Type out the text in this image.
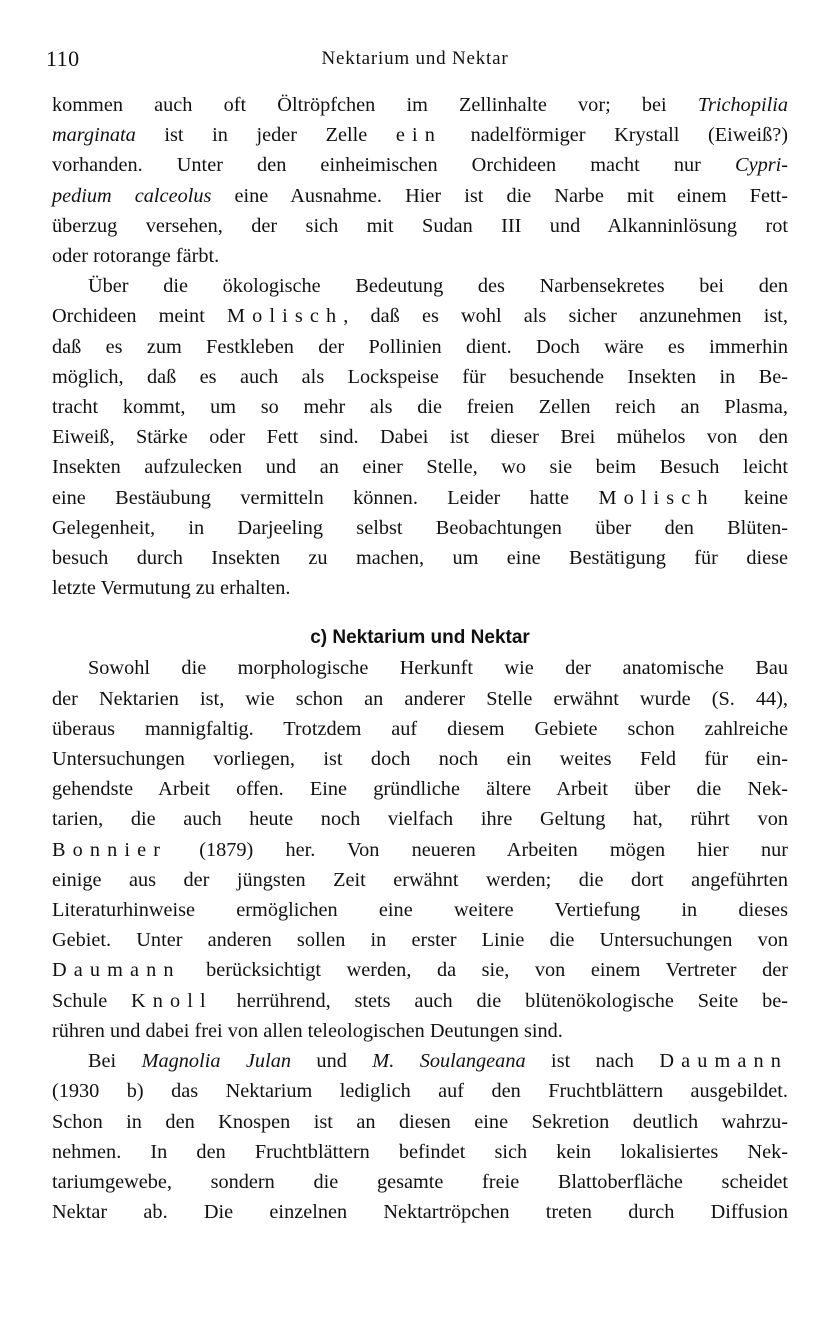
110	Nektarium und Nektar

kommen auch oft Öltröpfchen im Zellinhalte vor; bei Trichopilia
marginata ist in jeder Zelle ein nadelförmiger Krystall (Eiweiß?)
vorhanden. Unter den einheimischen Orchideen macht nur Cypri-
pedium calceolus eine Ausnahme. Hier ist die Narbe mit einem Fett-
überzug versehen, der sich mit Sudan III und Alkanninlösung rot
oder rotorange färbt.

Über die ökologische Bedeutung des Narbensekretes bei den
Orchideen meint Molisch, daß es wohl als sicher anzunehmen ist,
daß es zum Festkleben der Pollinien dient. Doch wäre es immerhin
möglich, daß es auch als Lockspeise für besuchende Insekten in Be-
tracht kommt, um so mehr als die freien Zellen reich an Plasma,
Eiweiß, Stärke oder Fett sind. Dabei ist dieser Brei mühelos von den
Insekten aufzulecken und an einer Stelle, wo sie beim Besuch leicht
eine Bestäubung vermitteln können. Leider hatte Molisch keine
Gelegenheit, in Darjeeling selbst Beobachtungen über den Blüten-
besuch durch Insekten zu machen, um eine Bestätigung für diese
letzte Vermutung zu erhalten.

c) Nektarium und Nektar

Sowohl die morphologische Herkunft wie der anatomische Bau
der Nektarien ist, wie schon an anderer Stelle erwähnt wurde (S. 44),
überaus mannigfaltig. Trotzdem auf diesem Gebiete schon zahlreiche
Untersuchungen vorliegen, ist doch noch ein weites Feld für ein-
gehendste Arbeit offen. Eine gründliche ältere Arbeit über die Nek-
tarien, die auch heute noch vielfach ihre Geltung hat, rührt von
Bonnier (1879) her. Von neueren Arbeiten mögen hier nur
einige aus der jüngsten Zeit erwähnt werden; die dort angeführten
Literaturhinweise ermöglichen eine weitere Vertiefung in dieses
Gebiet. Unter anderen sollen in erster Linie die Untersuchungen von
Daumann berücksichtigt werden, da sie, von einem Vertreter der
Schule Knoll herrührend, stets auch die blütenökologische Seite be-
rühren und dabei frei von allen teleologischen Deutungen sind.

Bei Magnolia Julan und M. Soulangeana ist nach Daumann
(1930 b) das Nektarium lediglich auf den Fruchtblättern ausgebildet.
Schon in den Knospen ist an diesen eine Sekretion deutlich wahrzu-
nehmen. In den Fruchtblättern befindet sich kein lokalisiertes Nek-
tariumgewebe, sondern die gesamte freie Blattoberfläche scheidet
Nektar ab. Die einzelnen Nektartröpchen treten durch Diffusion
